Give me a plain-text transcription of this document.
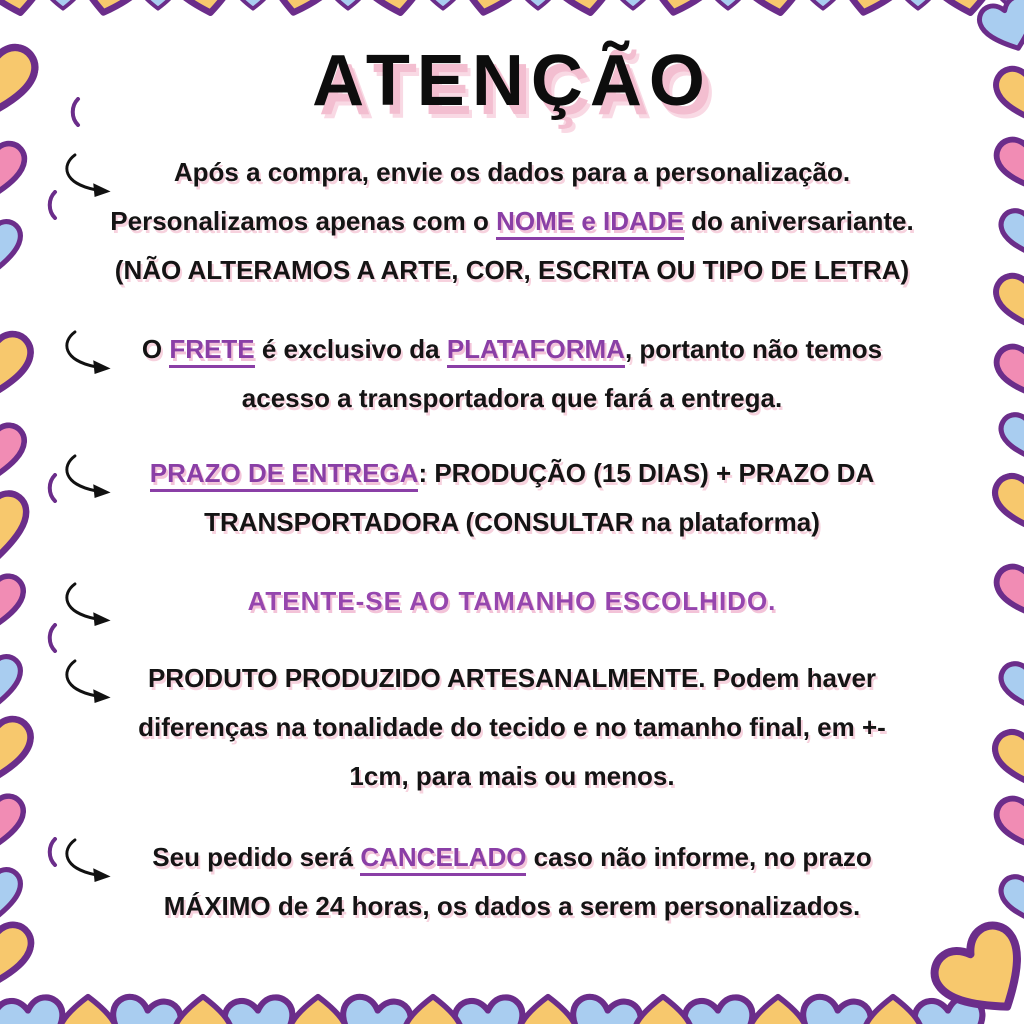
ATENÇÃO
Após a compra, envie os dados para a personalização.
Personalizamos apenas com o NOME e IDADE do aniversariante.
(NÃO ALTERAMOS A ARTE, COR, ESCRITA OU TIPO DE LETRA)
O FRETE é exclusivo da PLATAFORMA, portanto não temos
acesso a transportadora que fará a entrega.
PRAZO DE ENTREGA: PRODUÇÃO (15 DIAS) + PRAZO DA
TRANSPORTADORA (CONSULTAR na plataforma)
ATENTE-SE AO TAMANHO ESCOLHIDO.
PRODUTO PRODUZIDO ARTESANALMENTE. Podem haver
diferenças na tonalidade do tecido e no tamanho final, em +-
1cm, para mais ou menos.
Seu pedido será CANCELADO caso não informe, no prazo
MÁXIMO de 24 horas, os dados a serem personalizados.
